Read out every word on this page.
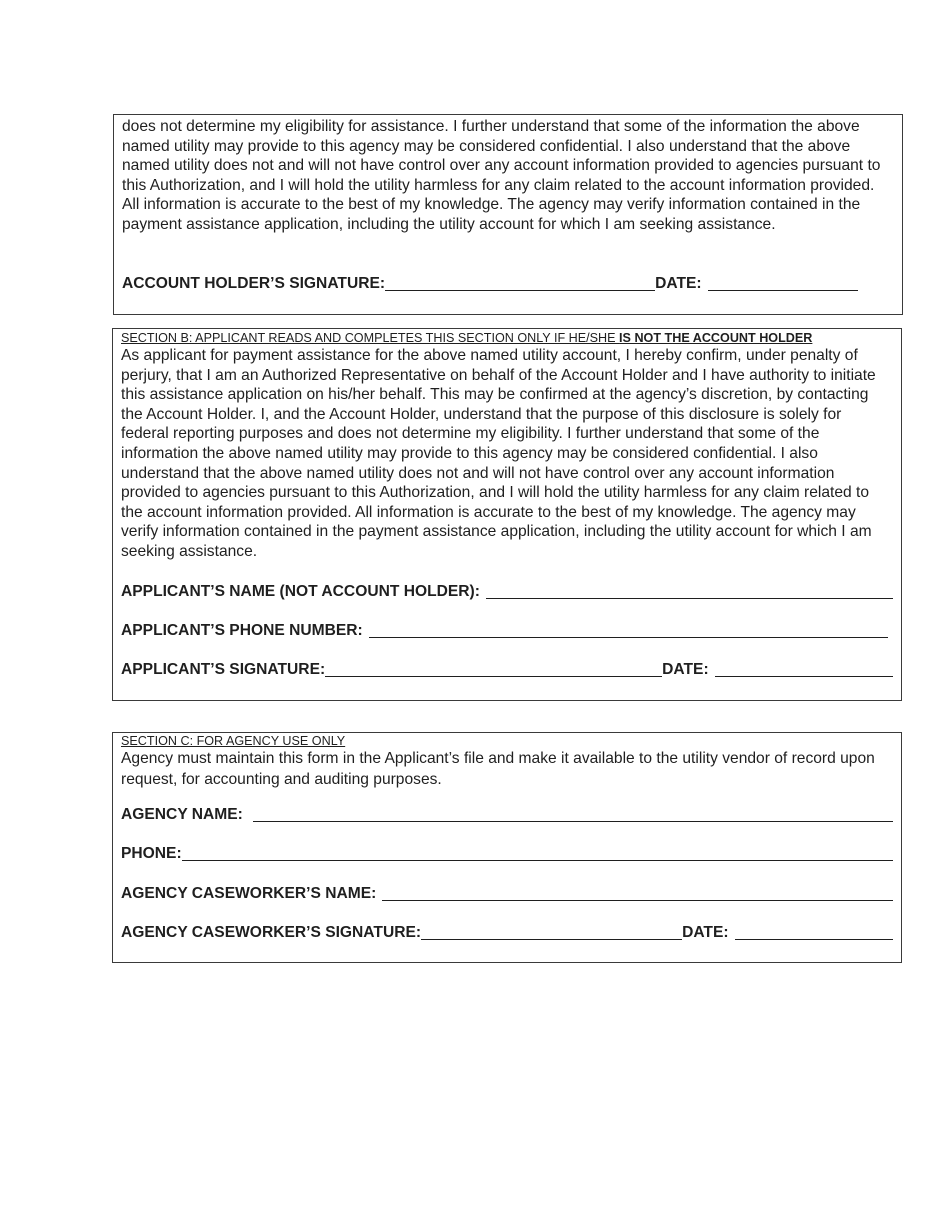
does not determine my eligibility for assistance. I further understand that some of the information the above named utility may provide to this agency may be considered confidential. I also understand that the above named utility does not and will not have control over any account information provided to agencies pursuant to this Authorization, and I will hold the utility harmless for any claim related to the account information provided. All information is accurate to the best of my knowledge. The agency may verify information contained in the payment assistance application, including the utility account for which I am seeking assistance.

ACCOUNT HOLDER’S SIGNATURE:	DATE:

SECTION B: APPLICANT READS AND COMPLETES THIS SECTION ONLY IF HE/SHE IS NOT THE ACCOUNT HOLDER

As applicant for payment assistance for the above named utility account, I hereby confirm, under penalty of perjury, that I am an Authorized Representative on behalf of the Account Holder and I have authority to initiate this assistance application on his/her behalf. This may be confirmed at the agency’s discretion, by contacting the Account Holder. I, and the Account Holder, understand that the purpose of this disclosure is solely for federal reporting purposes and does not determine my eligibility. I further understand that some of the information the above named utility may provide to this agency may be considered confidential. I also understand that the above named utility does not and will not have control over any account information provided to agencies pursuant to this Authorization, and I will hold the utility harmless for any claim related to the account information provided. All information is accurate to the best of my knowledge. The agency may verify information contained in the payment assistance application, including the utility account for which I am seeking assistance.

APPLICANT’S NAME (NOT ACCOUNT HOLDER):
APPLICANT’S PHONE NUMBER:
APPLICANT’S SIGNATURE:	DATE:

SECTION C: FOR AGENCY USE ONLY

Agency must maintain this form in the Applicant’s file and make it available to the utility vendor of record upon request, for accounting and auditing purposes.

AGENCY NAME:
PHONE:
AGENCY CASEWORKER’S NAME:
AGENCY CASEWORKER’S SIGNATURE:	DATE:
